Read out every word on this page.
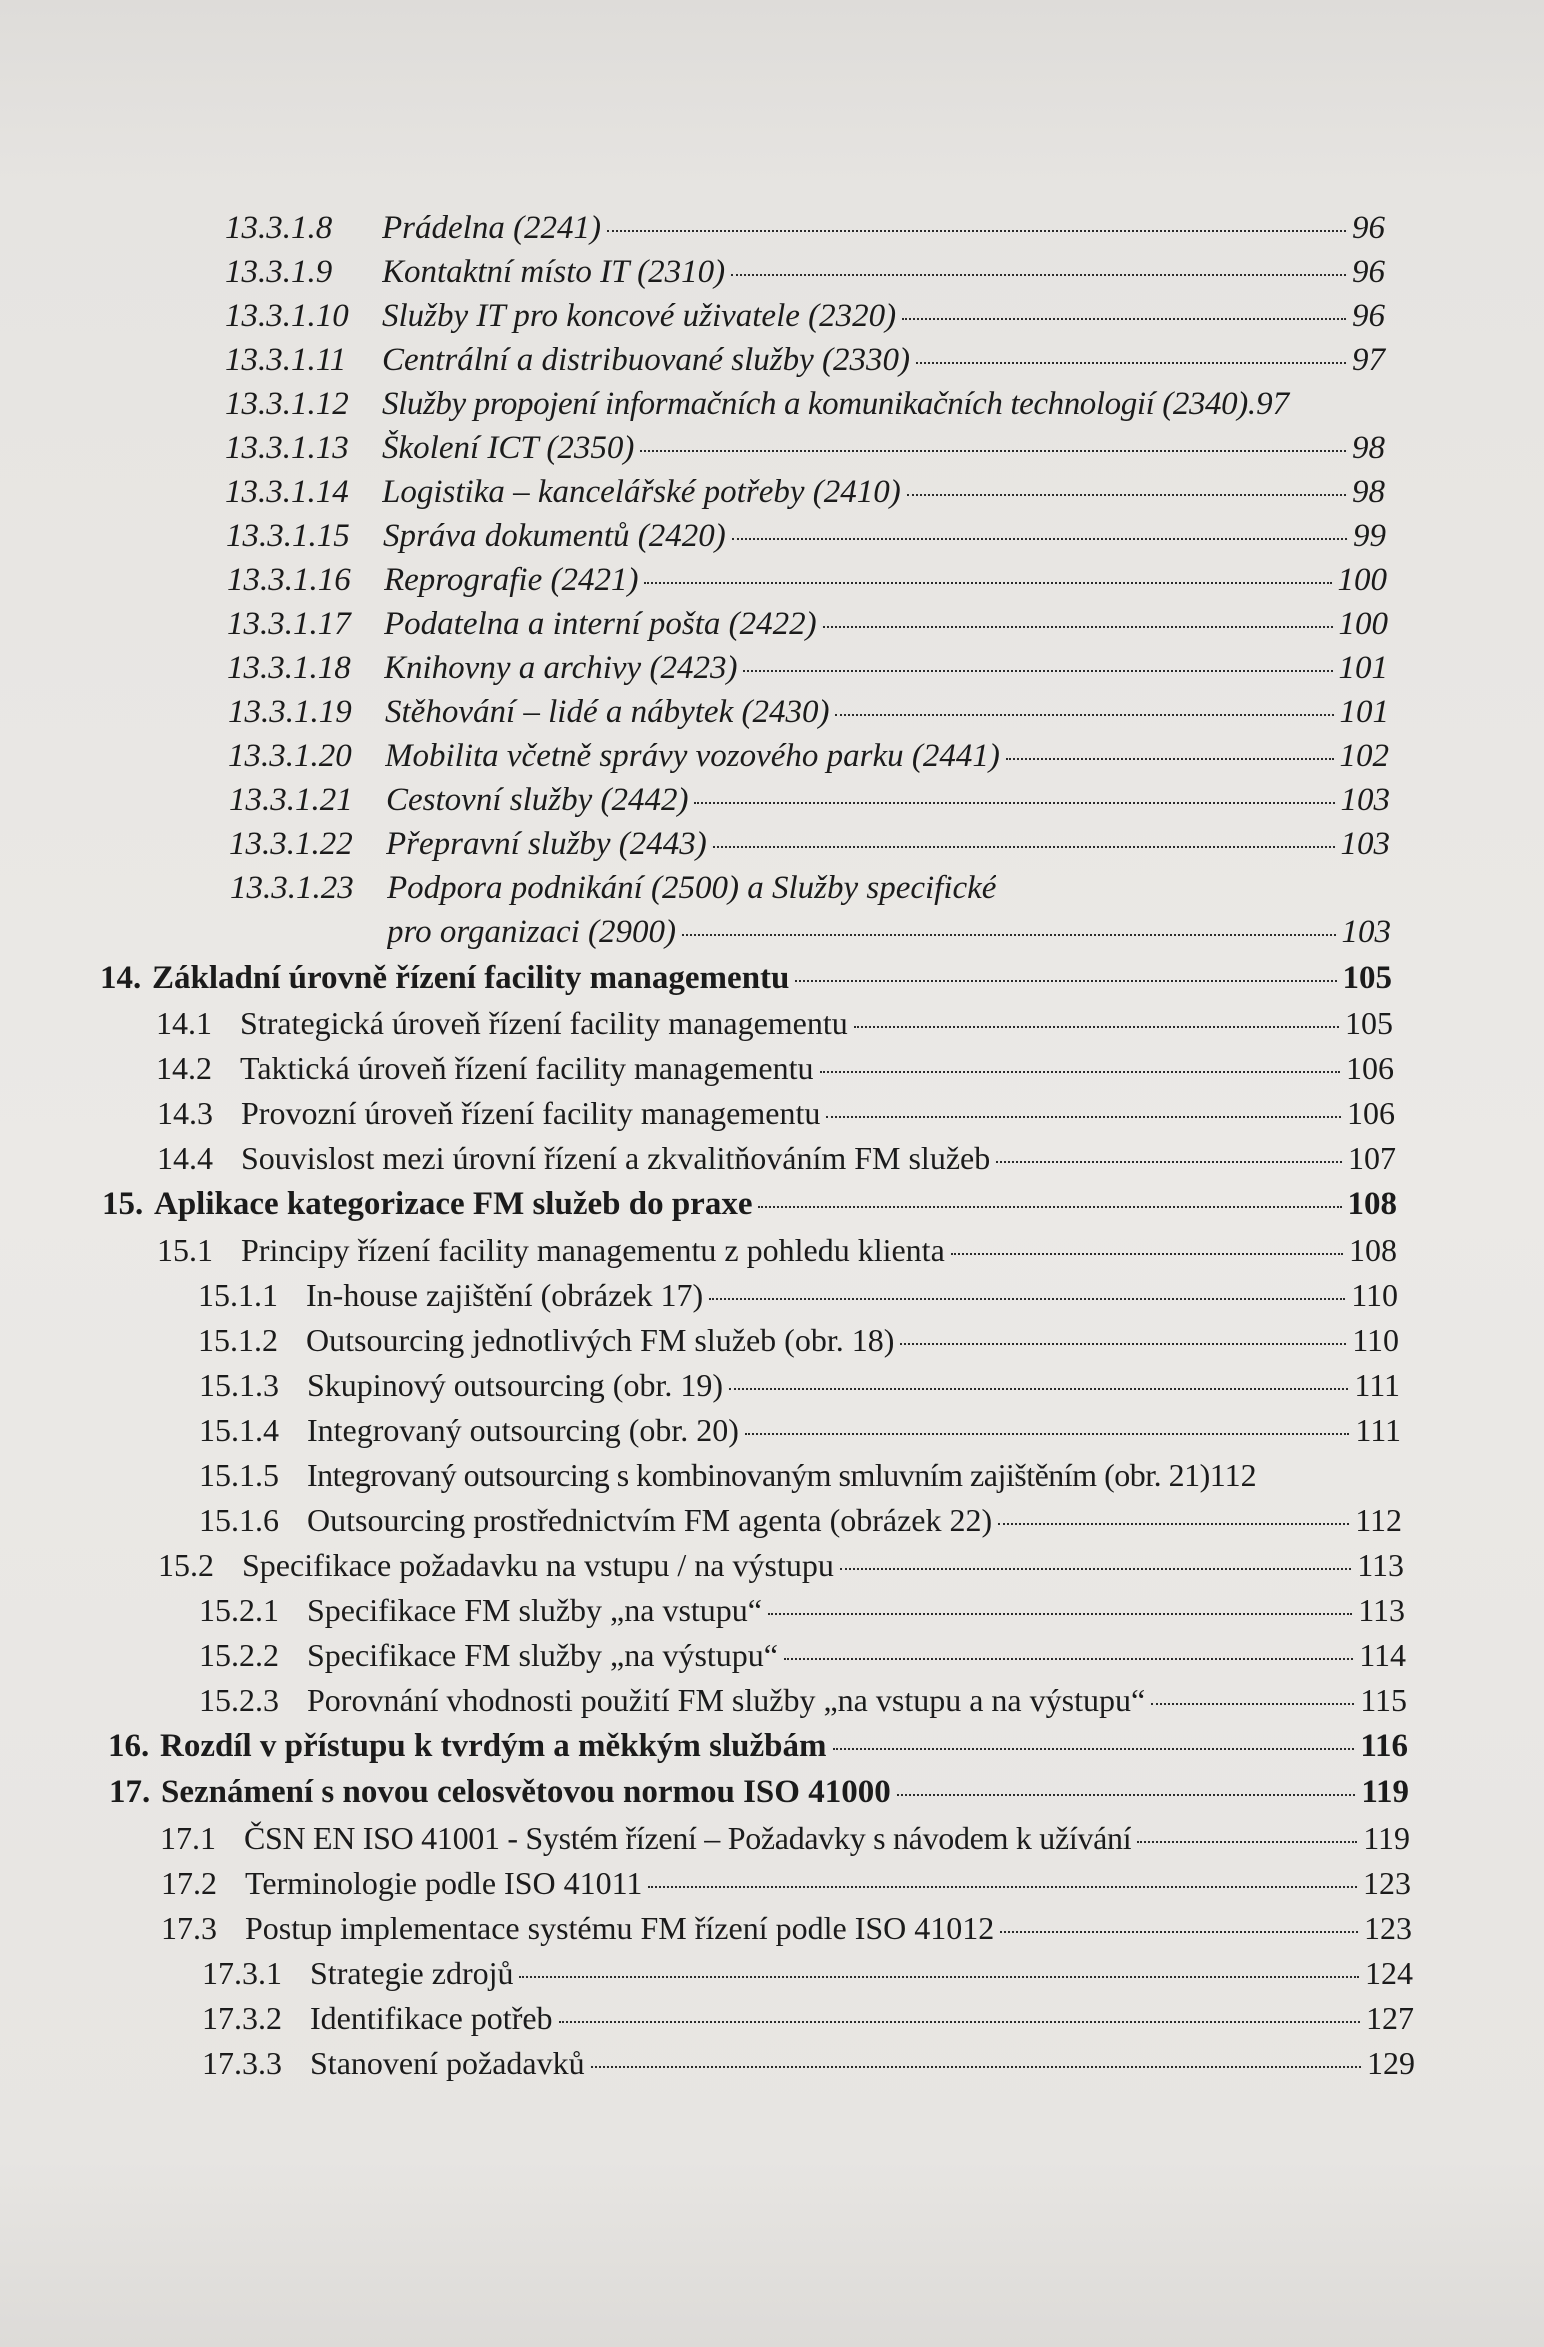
13.3.1.8	Prádelna (2241)	96
13.3.1.9	Kontaktní místo IT (2310)	96
13.3.1.10	Služby IT pro koncové uživatele (2320)	96
13.3.1.11	Centrální a distribuované služby (2330)	97
13.3.1.12	Služby propojení informačních a komunikačních technologií (2340) .97
13.3.1.13	Školení ICT (2350)	98
13.3.1.14	Logistika – kancelářské potřeby (2410)	98
13.3.1.15	Správa dokumentů (2420)	99
13.3.1.16	Reprografie (2421)	100
13.3.1.17	Podatelna a interní pošta (2422)	100
13.3.1.18	Knihovny a archivy (2423)	101
13.3.1.19	Stěhování – lidé a nábytek (2430)	101
13.3.1.20	Mobilita včetně správy vozového parku (2441)	102
13.3.1.21	Cestovní služby (2442)	103
13.3.1.22	Přepravní služby (2443)	103
13.3.1.23	Podpora podnikání (2500) a Služby specifické
pro organizaci (2900)	103
14. Základní úrovně řízení facility managementu	105
14.1 Strategická úroveň řízení facility managementu	105
14.2 Taktická úroveň řízení facility managementu	106
14.3 Provozní úroveň řízení facility managementu	106
14.4 Souvislost mezi úrovní řízení a zkvalitňováním FM služeb	107
15. Aplikace kategorizace FM služeb do praxe	108
15.1 Principy řízení facility managementu z pohledu klienta	108
15.1.1 In-house zajištění (obrázek 17)	110
15.1.2 Outsourcing jednotlivých FM služeb (obr. 18)	110
15.1.3 Skupinový outsourcing (obr. 19)	111
15.1.4 Integrovaný outsourcing (obr. 20)	111
15.1.5 Integrovaný outsourcing s kombinovaným smluvním zajištěním (obr. 21) 112
15.1.6 Outsourcing prostřednictvím FM agenta (obrázek 22)	112
15.2 Specifikace požadavku na vstupu / na výstupu	113
15.2.1 Specifikace FM služby „na vstupu“	113
15.2.2 Specifikace FM služby „na výstupu“	114
15.2.3 Porovnání vhodnosti použití FM služby „na vstupu a na výstupu“	115
16. Rozdíl v přístupu k tvrdým a měkkým službám	116
17. Seznámení s novou celosvětovou normou ISO 41000	119
17.1 ČSN EN ISO 41001 - Systém řízení – Požadavky s návodem k užívání	119
17.2 Terminologie podle ISO 41011	123
17.3 Postup implementace systému FM řízení podle ISO 41012	123
17.3.1 Strategie zdrojů	124
17.3.2 Identifikace potřeb	127
17.3.3 Stanovení požadavků	129
